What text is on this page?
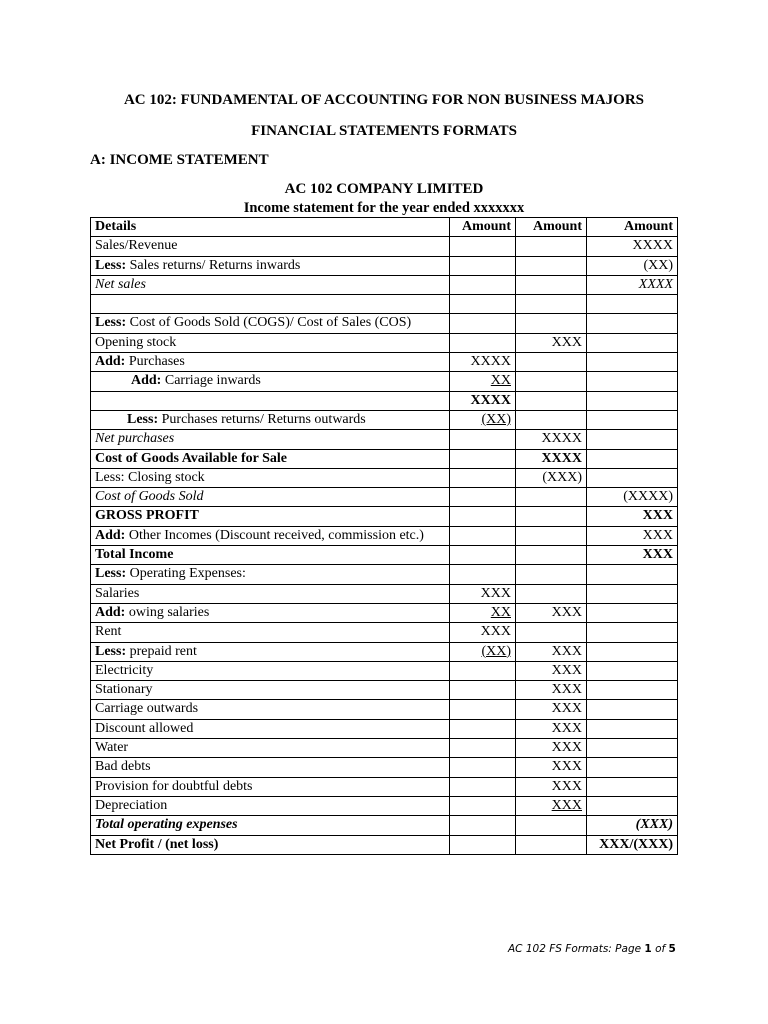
AC 102: FUNDAMENTAL OF ACCOUNTING FOR NON BUSINESS MAJORS
FINANCIAL STATEMENTS FORMATS
A: INCOME STATEMENT
AC 102 COMPANY LIMITED
Income statement for the year ended xxxxxxx
Details	Amount	Amount	Amount
Sales/Revenue			XXXX
Less: Sales returns/ Returns inwards			(XX)
Net sales			XXXX

Less: Cost of Goods Sold (COGS)/ Cost of Sales (COS)			
Opening stock		XXX	
Add: Purchases	XXXX		
Add: Carriage inwards	XX		
	XXXX		
Less: Purchases returns/ Returns outwards	(XX)		
Net purchases		XXXX	
Cost of Goods Available for Sale		XXXX	
Less: Closing stock		(XXX)	
Cost of Goods Sold			(XXXX)
GROSS PROFIT			XXX
Add: Other Incomes (Discount received, commission etc.)			XXX
Total Income			XXX
Less: Operating Expenses:			
Salaries	XXX		
Add: owing salaries	XX	XXX	
Rent	XXX		
Less: prepaid rent	(XX)	XXX	
Electricity		XXX	
Stationary		XXX	
Carriage outwards		XXX	
Discount allowed		XXX	
Water		XXX	
Bad debts		XXX	
Provision for doubtful debts		XXX	
Depreciation		XXX	
Total operating expenses			(XXX)
Net Profit / (net loss)			XXX/(XXX)
AC 102 FS Formats: Page 1 of 5
